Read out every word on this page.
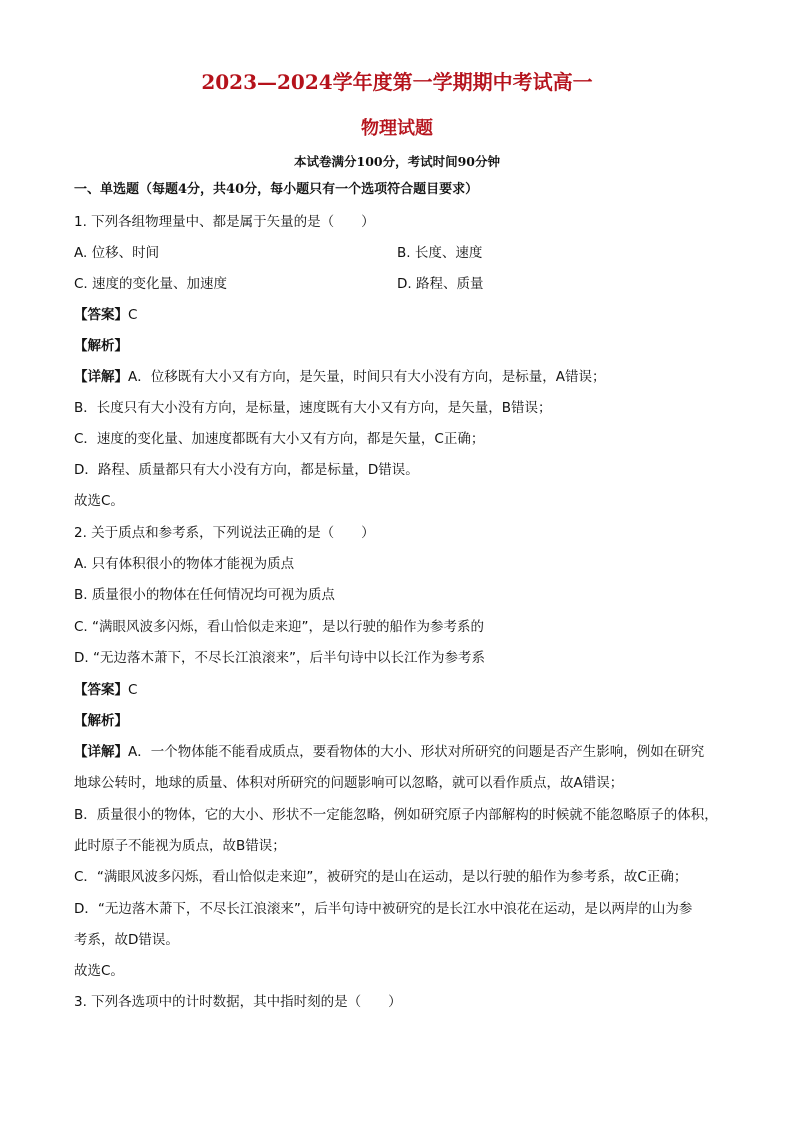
2023—2024学年度第一学期期中考试高一
物理试题
本试卷满分100分，考试时间90分钟
一、单选题（每题4分，共40分，每小题只有一个选项符合题目要求）
1. 下列各组物理量中、都是属于矢量的是（　　）
A. 位移、时间	B. 长度、速度
C. 速度的变化量、加速度	D. 路程、质量
【答案】C
【解析】
【详解】A．位移既有大小又有方向，是矢量，时间只有大小没有方向，是标量，A错误；
B．长度只有大小没有方向，是标量，速度既有大小又有方向，是矢量，B错误；
C．速度的变化量、加速度都既有大小又有方向，都是矢量，C正确；
D．路程、质量都只有大小没有方向，都是标量，D错误。
故选C。
2. 关于质点和参考系，下列说法正确的是（　　）
A. 只有体积很小的物体才能视为质点
B. 质量很小的物体在任何情况均可视为质点
C. “满眼风波多闪烁，看山恰似走来迎”，是以行驶的船作为参考系的
D. “无边落木萧下，不尽长江浪滚来”，后半句诗中以长江作为参考系
【答案】C
【解析】
【详解】A．一个物体能不能看成质点，要看物体的大小、形状对所研究的问题是否产生影响，例如在研究
地球公转时，地球的质量、体积对所研究的问题影响可以忽略，就可以看作质点，故A错误；
B．质量很小的物体，它的大小、形状不一定能忽略，例如研究原子内部解构的时候就不能忽略原子的体积，
此时原子不能视为质点，故B错误；
C．“满眼风波多闪烁，看山恰似走来迎”，被研究的是山在运动，是以行驶的船作为参考系，故C正确；
D．“无边落木萧下，不尽长江浪滚来”，后半句诗中被研究的是长江水中浪花在运动，是以两岸的山为参
考系，故D错误。
故选C。
3. 下列各选项中的计时数据，其中指时刻的是（　　）
